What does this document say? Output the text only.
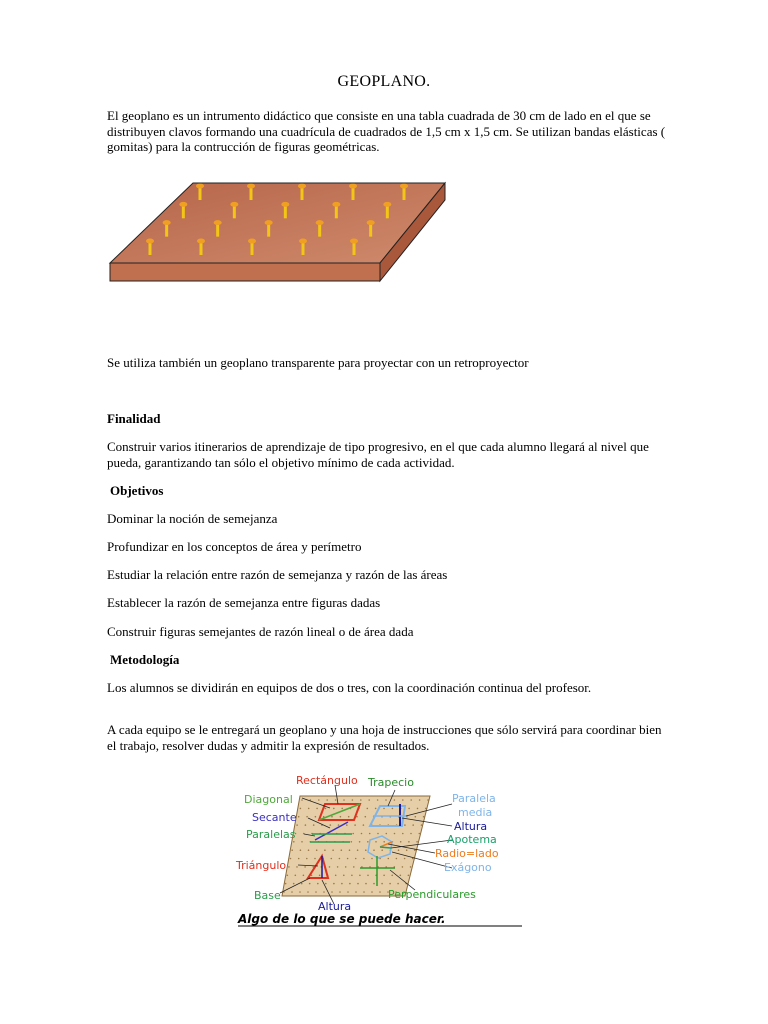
GEOPLANO.
El geoplano es un intrumento didáctico que consiste en una tabla cuadrada de 30 cm de lado en el que se distribuyen clavos formando una cuadrícula de cuadrados de 1,5 cm x 1,5 cm. Se utilizan bandas elásticas ( gomitas) para la contrucción de figuras geométricas.
Se utiliza también un geoplano transparente para proyectar con un retroproyector
Finalidad
Construir varios itinerarios de aprendizaje de tipo progresivo, en el que cada alumno llegará al nivel que pueda, garantizando tan sólo el objetivo mínimo de cada actividad.
Objetivos
Dominar la noción de semejanza
Profundizar en los conceptos de área y perímetro
Estudiar la relación entre razón de semejanza y razón de las áreas
Establecer la razón de semejanza entre figuras dadas
Construir figuras semejantes de razón lineal o de área dada
Metodología
Los alumnos se dividirán en equipos de dos o tres, con la coordinación continua del profesor.
A cada equipo se le entregará un geoplano y una hoja de instrucciones que sólo servirá para coordinar bien el trabajo, resolver dudas y admitir la expresión de resultados.
Rectángulo Trapecio
Diagonal	Paralela
media
Secante
Altura
Paralelas	Apotema
Radio=lado
Triángulo	Exágono
Perpendiculares
Base
Altura
Algo de lo que se puede hacer.
